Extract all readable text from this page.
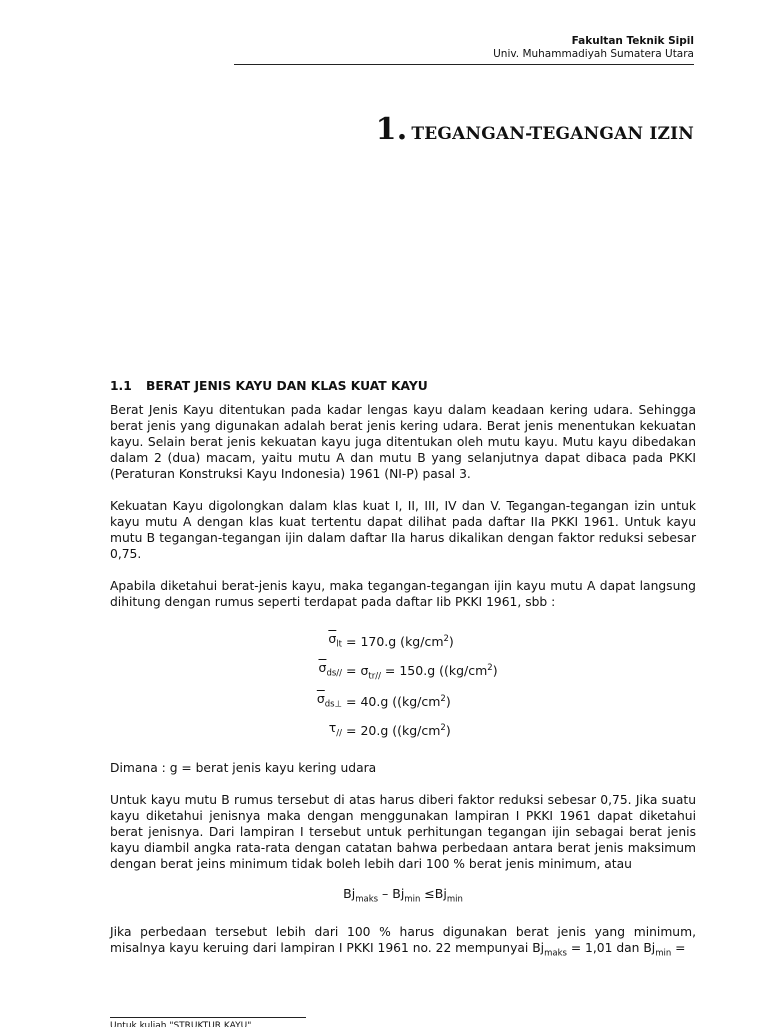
Fakultan Teknik Sipil
Univ. Muhammadiyah Sumatera Utara
1. TEGANGAN-TEGANGAN IZIN
1.1 BERAT JENIS KAYU DAN KLAS KUAT KAYU

Berat Jenis Kayu ditentukan pada kadar lengas kayu dalam keadaan kering udara. Sehingga berat jenis yang digunakan adalah berat jenis kering udara. Berat jenis menentukan kekuatan kayu. Selain berat jenis kekuatan kayu juga ditentukan oleh mutu kayu. Mutu kayu dibedakan dalam 2 (dua) macam, yaitu mutu A dan mutu B yang selanjutnya dapat dibaca pada PKKI (Peraturan Konstruksi Kayu Indonesia) 1961 (NI-P) pasal 3.

Kekuatan Kayu digolongkan dalam klas kuat I, II, III, IV dan V. Tegangan-tegangan izin untuk kayu mutu A dengan klas kuat tertentu dapat dilihat pada daftar IIa PKKI 1961. Untuk kayu mutu B tegangan-tegangan ijin dalam daftar IIa harus dikalikan dengan faktor reduksi sebesar 0,75.

Apabila diketahui berat-jenis kayu, maka tegangan-tegangan ijin kayu mutu A dapat langsung dihitung dengan rumus seperti terdapat pada daftar Iib PKKI 1961, sbb :

$\overline{\sigma}_{lt} = 170.g$ $(kg/cm^2)$
$\overline{\sigma}_{ds//} = \sigma_{tr//} = 150.g$ ($(kg/cm^2)$
$\overline{\sigma}_{ds\perp} = 40.g$ ($(kg/cm^2)$
$\tau_{//} = 20.g$ ($(kg/cm^2)$

Dimana : g = berat jenis kayu kering udara

Untuk kayu mutu B rumus tersebut di atas harus diberi faktor reduksi sebesar 0,75. Jika suatu kayu diketahui jenisnya maka dengan menggunakan lampiran I PKKI 1961 dapat diketahui berat jenisnya. Dari lampiran I tersebut untuk perhitungan tegangan ijin sebagai berat jenis kayu diambil angka rata-rata dengan catatan bahwa perbedaan antara berat jenis maksimum dengan berat jeins minimum tidak boleh lebih dari 100 % berat jenis minimum, atau

$Bj_{maks} - Bj_{min} \le Bj_{min}$

Jika perbedaan tersebut lebih dari 100 % harus digunakan berat jenis yang minimum, misalnya kayu keruing dari lampiran I PKKI 1961 no. 22 mempunyai $Bj_{maks} = 1,01$ dan $Bj_{min}$ =

Untuk kuliah "STRUKTUR KAYU"
